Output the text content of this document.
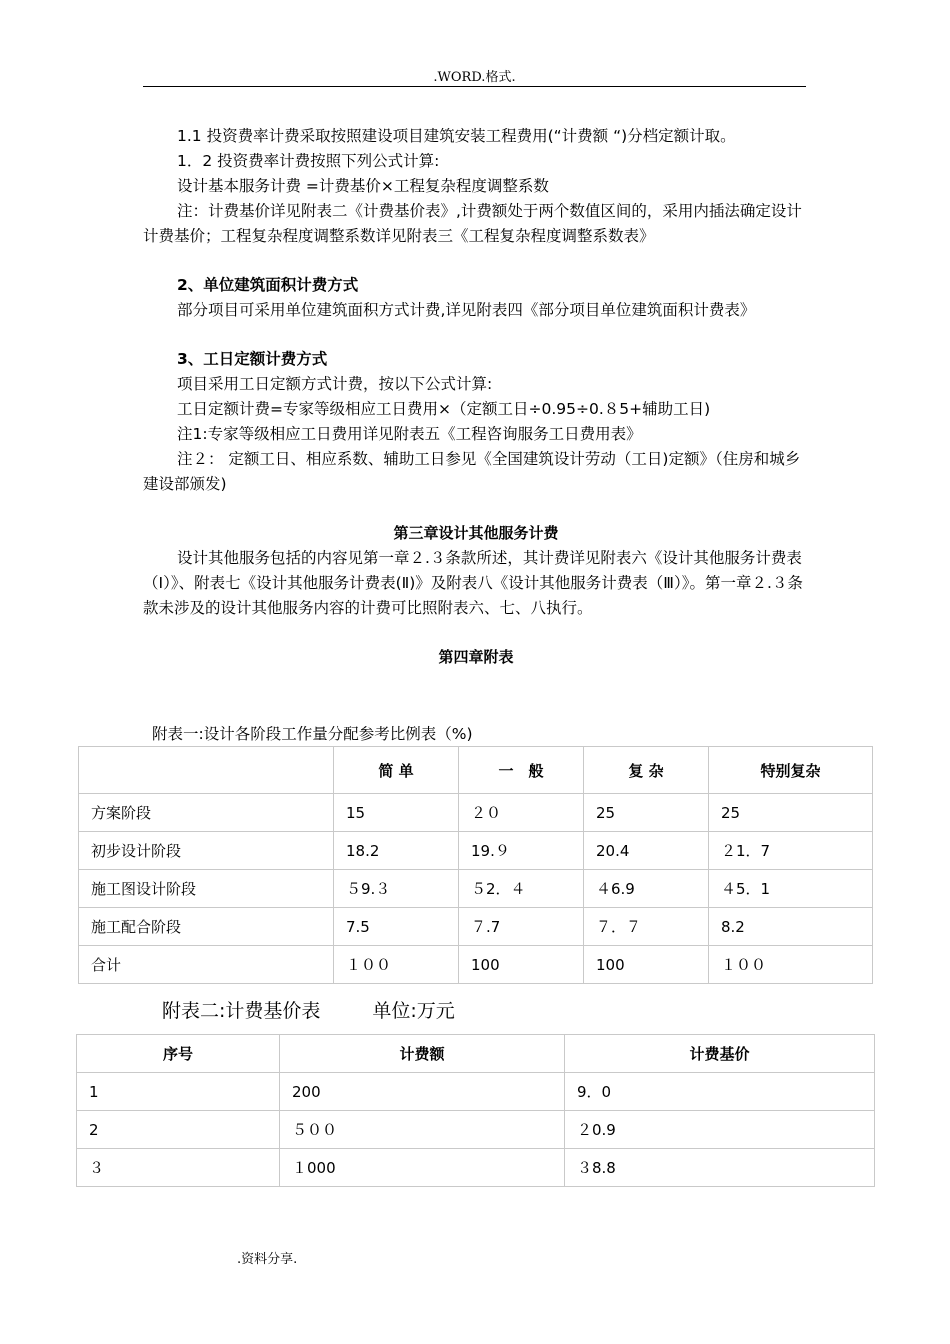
.WORD.格式.

1.1 投资费率计费采取按照建设项目建筑安装工程费用(“计费额 “)分档定额计取。

1．2 投资费率计费按照下列公式计算:

设计基本服务计费 =计费基价×工程复杂程度调整系数

注：计费基价详见附表二《计费基价表》,计费额处于两个数值区间的，采用内插法确定设计计费基价；工程复杂程度调整系数详见附表三《工程复杂程度调整系数表》

2、单位建筑面积计费方式

部分项目可采用单位建筑面积方式计费,详见附表四《部分项目单位建筑面积计费表》

3、工日定额计费方式

项目采用工日定额方式计费，按以下公式计算:

工日定额计费=专家等级相应工日费用×（定额工日÷0.95÷0.８5+辅助工日)

注1:专家等级相应工日费用详见附表五《工程咨询服务工日费用表》

注２： 定额工日、相应系数、辅助工日参见《全国建筑设计劳动（工日)定额》（住房和城乡建设部颁发)

第三章设计其他服务计费

设计其他服务包括的内容见第一章２.３条款所述，其计费详见附表六《设计其他服务计费表（Ⅰ）》、附表七《设计其他服务计费表(Ⅱ)》及附表八《设计其他服务计费表（Ⅲ）》。第一章２.３条款未涉及的设计其他服务内容的计费可比照附表六、七、八执行。

第四章附表

附表一:设计各阶段工作量分配参考比例表（%)
	简 单	一　般	复 杂	特别复杂
方案阶段	15	２０	25	25
初步设计阶段	18.2	19.９	20.4	２1．7
施工图设计阶段	５9.３	５2．４	４6.9	４5．1
施工配合阶段	7.5	７.7	７．７	8.2
合计	１００	100	100	１００
附表二:计费基价表	单位:万元
序号	计费额	计费基价
1	200	9．0
2	５００	２0.9
３	１000	３8.8
.资料分享.
